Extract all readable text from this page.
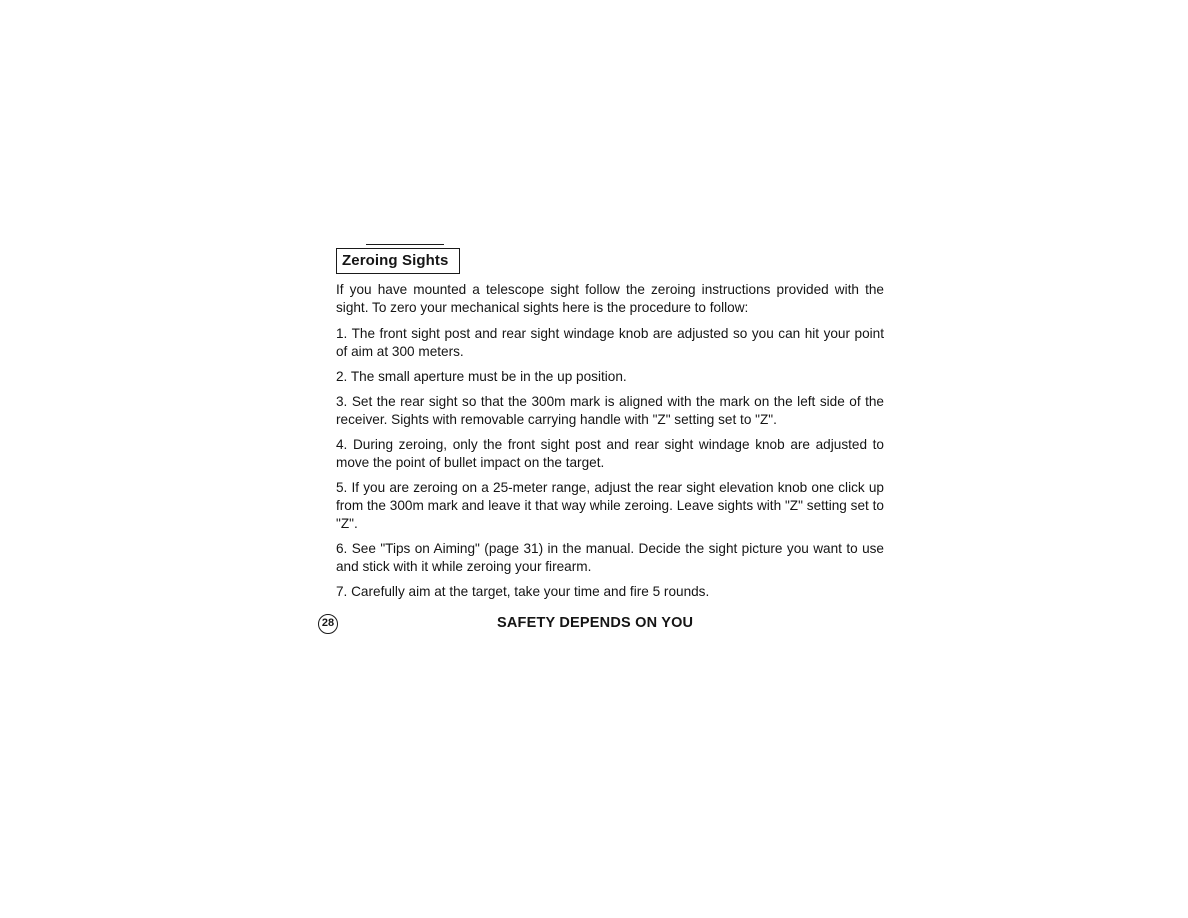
Zeroing Sights

If you have mounted a telescope sight follow the zeroing instructions provided with the sight. To zero your mechanical sights here is the procedure to follow:

1. The front sight post and rear sight windage knob are adjusted so you can hit your point of aim at 300 meters.

2. The small aperture must be in the up position.

3. Set the rear sight so that the 300m mark is aligned with the mark on the left side of the receiver. Sights with removable carrying handle with "Z" setting set to "Z".

4. During zeroing, only the front sight post and rear sight windage knob are adjusted to move the point of bullet impact on the target.

5. If you are zeroing on a 25-meter range, adjust the rear sight elevation knob one click up from the 300m mark and leave it that way while zeroing. Leave sights with "Z" setting set to "Z".

6. See "Tips on Aiming" (page 31) in the manual. Decide the sight picture you want to use and stick with it while zeroing your firearm.

7. Carefully aim at the target, take your time and fire 5 rounds.

28	SAFETY DEPENDS ON YOU
